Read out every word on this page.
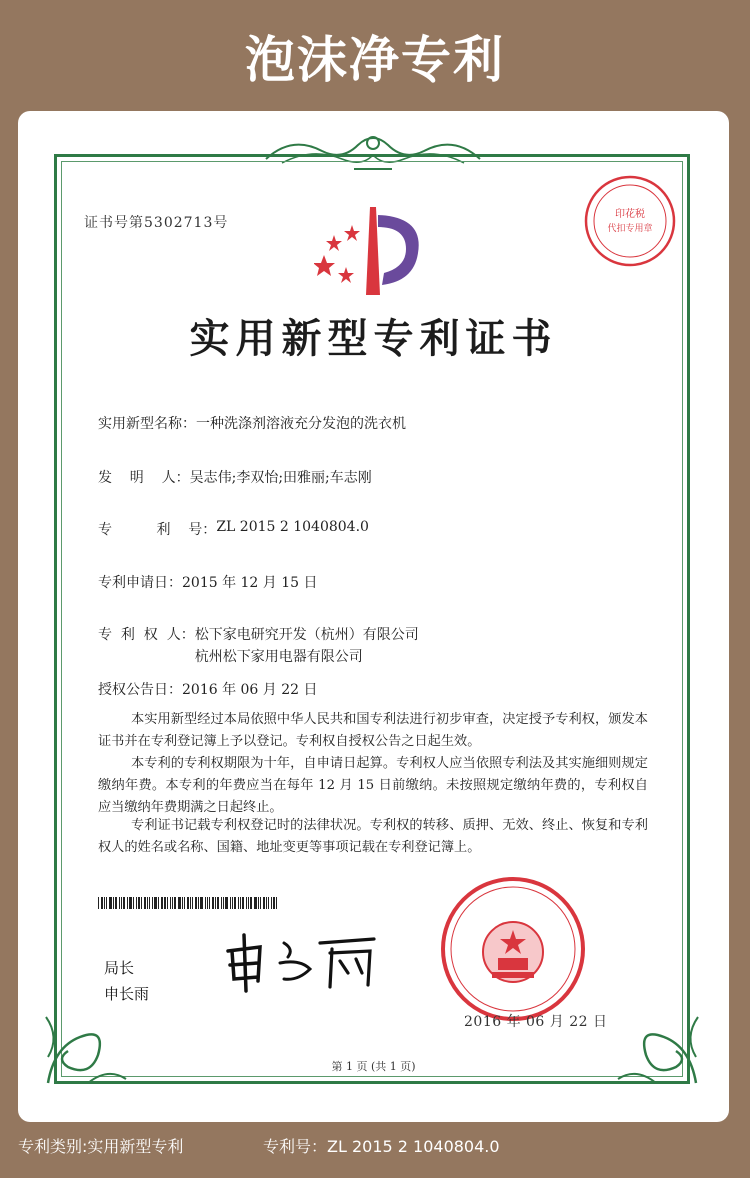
泡沫净专利
证书号第5302713号
印花税
代扣专用章
实用新型专利证书
实用新型名称： 一种洗涤剂溶液充分发泡的洗衣机
发    明    人： 吴志伟;李双怡;田雅丽;车志刚
专          利    号： ZL 2015 2 1040804.0
专利申请日： 2015 年 12 月 15 日
专  利  权  人： 松下家电研究开发（杭州）有限公司
杭州松下家用电器有限公司
授权公告日： 2016 年 06 月 22 日

本实用新型经过本局依照中华人民共和国专利法进行初步审查，决定授予专利权，颁发本证书并在专利登记簿上予以登记。专利权自授权公告之日起生效。

本专利的专利权期限为十年，自申请日起算。专利权人应当依照专利法及其实施细则规定缴纳年费。本专利的年费应当在每年 12 月 15 日前缴纳。未按照规定缴纳年费的，专利权自应当缴纳年费期满之日起终止。

专利证书记载专利权登记时的法律状况。专利权的转移、质押、无效、终止、恢复和专利权人的姓名或名称、国籍、地址变更等事项记载在专利登记簿上。

局长
申长雨
2016 年 06 月 22 日
第 1 页 (共 1 页)
专利类别:实用新型专利	专利号：ZL 2015 2 1040804.0
